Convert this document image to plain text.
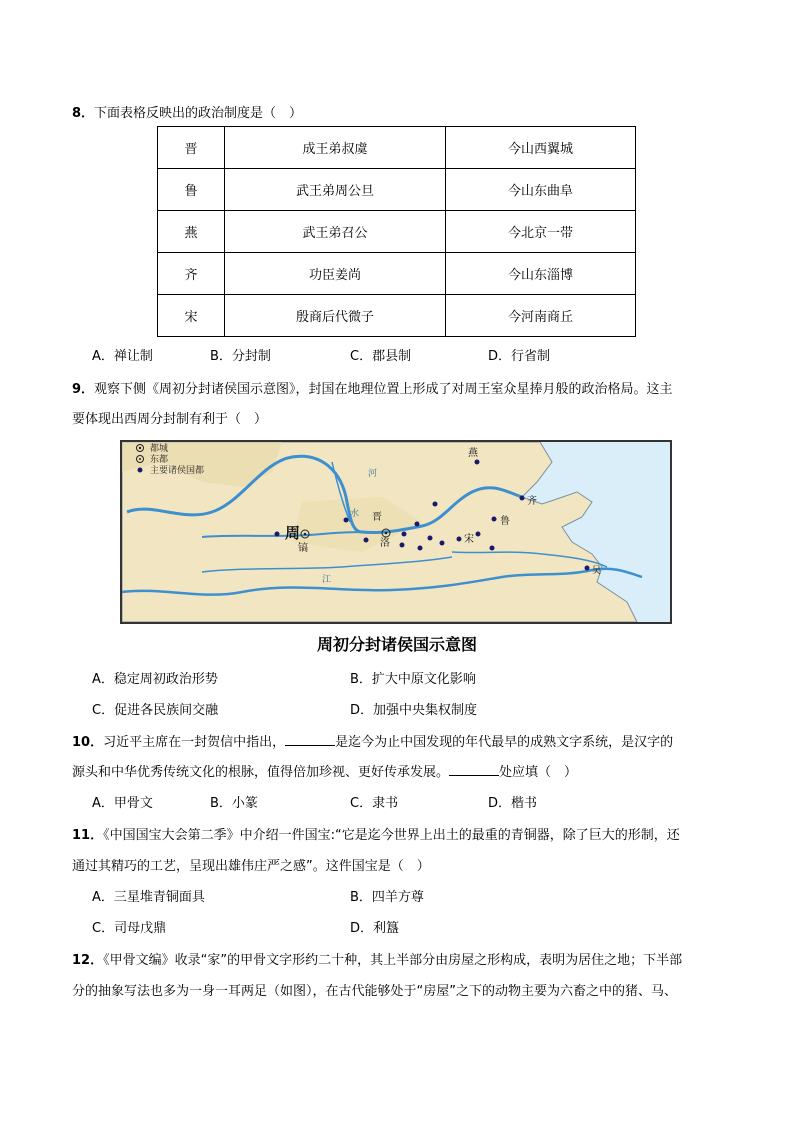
8．下面表格反映出的政治制度是（　）
晋	成王弟叔虞	今山西翼城
鲁	武王弟周公旦	今山东曲阜
燕	武王弟召公	今北京一带
齐	功臣姜尚	今山东淄博
宋	殷商后代微子	今河南商丘
A．禅让制	B．分封制	C．郡县制	D．行省制
9．观察下侧《周初分封诸侯国示意图》，封国在地理位置上形成了对周王室众星捧月般的政治格局。这主
要体现出西周分封制有利于（　）
都城
东都
主要诸侯国都
周
镐	洛
晋
燕
齐
鲁
宋
吴
河
水
江
周初分封诸侯国示意图
A．稳定周初政治形势	B．扩大中原文化影响
C．促进各民族间交融	D．加强中央集权制度
10．习近平主席在一封贺信中指出，	是迄今为止中国发现的年代最早的成熟文字系统，是汉字的
源头和中华优秀传统文化的根脉，值得倍加珍视、更好传承发展。	处应填（　）
A．甲骨文	B．小篆	C．隶书	D．楷书
11．《中国国宝大会第二季》中介绍一件国宝:“它是迄今世界上出土的最重的青铜器，除了巨大的形制，还
通过其精巧的工艺，呈现出雄伟庄严之感”。这件国宝是（　）
A．三星堆青铜面具	B．四羊方尊
C．司母戊鼎	D．利簋
12．《甲骨文编》收录“家”的甲骨文字形约二十种，其上半部分由房屋之形构成，表明为居住之地；下半部
分的抽象写法也多为一身一耳两足（如图），在古代能够处于“房屋”之下的动物主要为六畜之中的猪、马、
